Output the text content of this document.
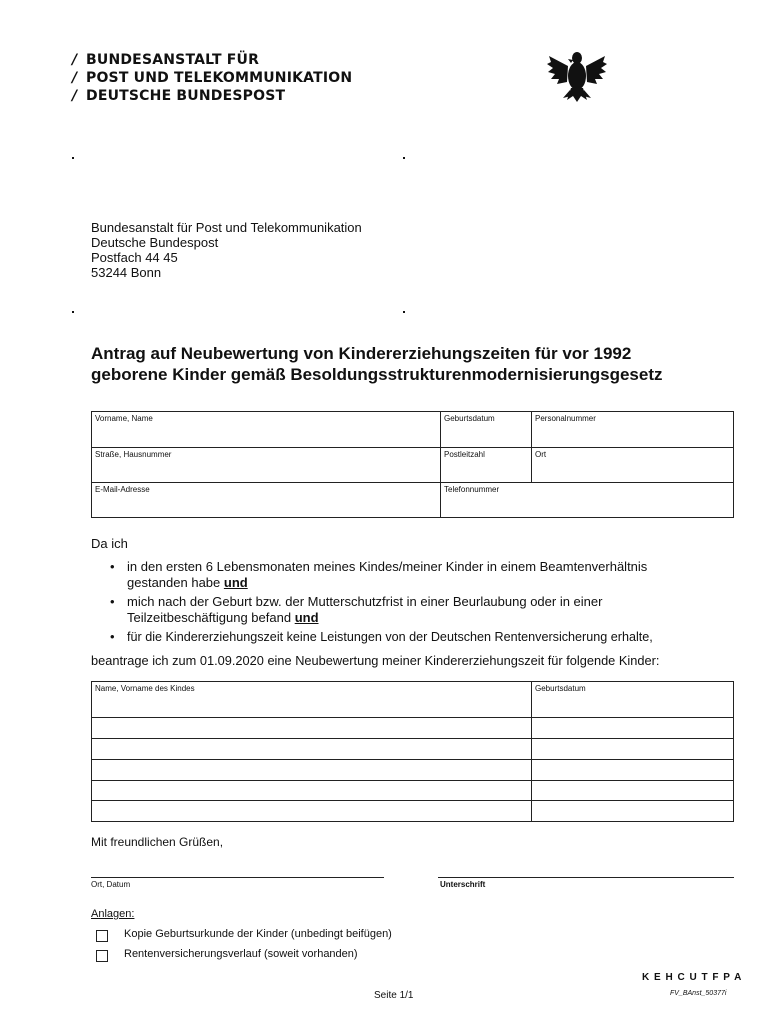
/ BUNDESANSTALT FÜR
/ POST UND TELEKOMMUNIKATION
/ DEUTSCHE BUNDESPOST
Bundesanstalt für Post und Telekommunikation
Deutsche Bundespost
Postfach 44 45
53244 Bonn
Antrag auf Neubewertung von Kindererziehungszeiten für vor 1992
geborene Kinder gemäß Besoldungsstrukturenmodernisierungsgesetz
Vorname, Name	Geburtsdatum	Personalnummer
Straße, Hausnummer	Postleitzahl	Ort
E-Mail-Adresse	Telefonnummer
Da ich
• in den ersten 6 Lebensmonaten meines Kindes/meiner Kinder in einem Beamtenverhältnis
gestanden habe und
• mich nach der Geburt bzw. der Mutterschutzfrist in einer Beurlaubung oder in einer
Teilzeitbeschäftigung befand und
• für die Kindererziehungszeit keine Leistungen von der Deutschen Rentenversicherung erhalte,
beantrage ich zum 01.09.2020 eine Neubewertung meiner Kindererziehungszeit für folgende Kinder:
Name, Vorname des Kindes	Geburtsdatum
Mit freundlichen Grüßen,
Ort, Datum	Unterschrift
Anlagen:
Kopie Geburtsurkunde der Kinder (unbedingt beifügen)
Rentenversicherungsverlauf (soweit vorhanden)
K E H C U T F P A
Seite 1/1	FV_BAnst_50377i
